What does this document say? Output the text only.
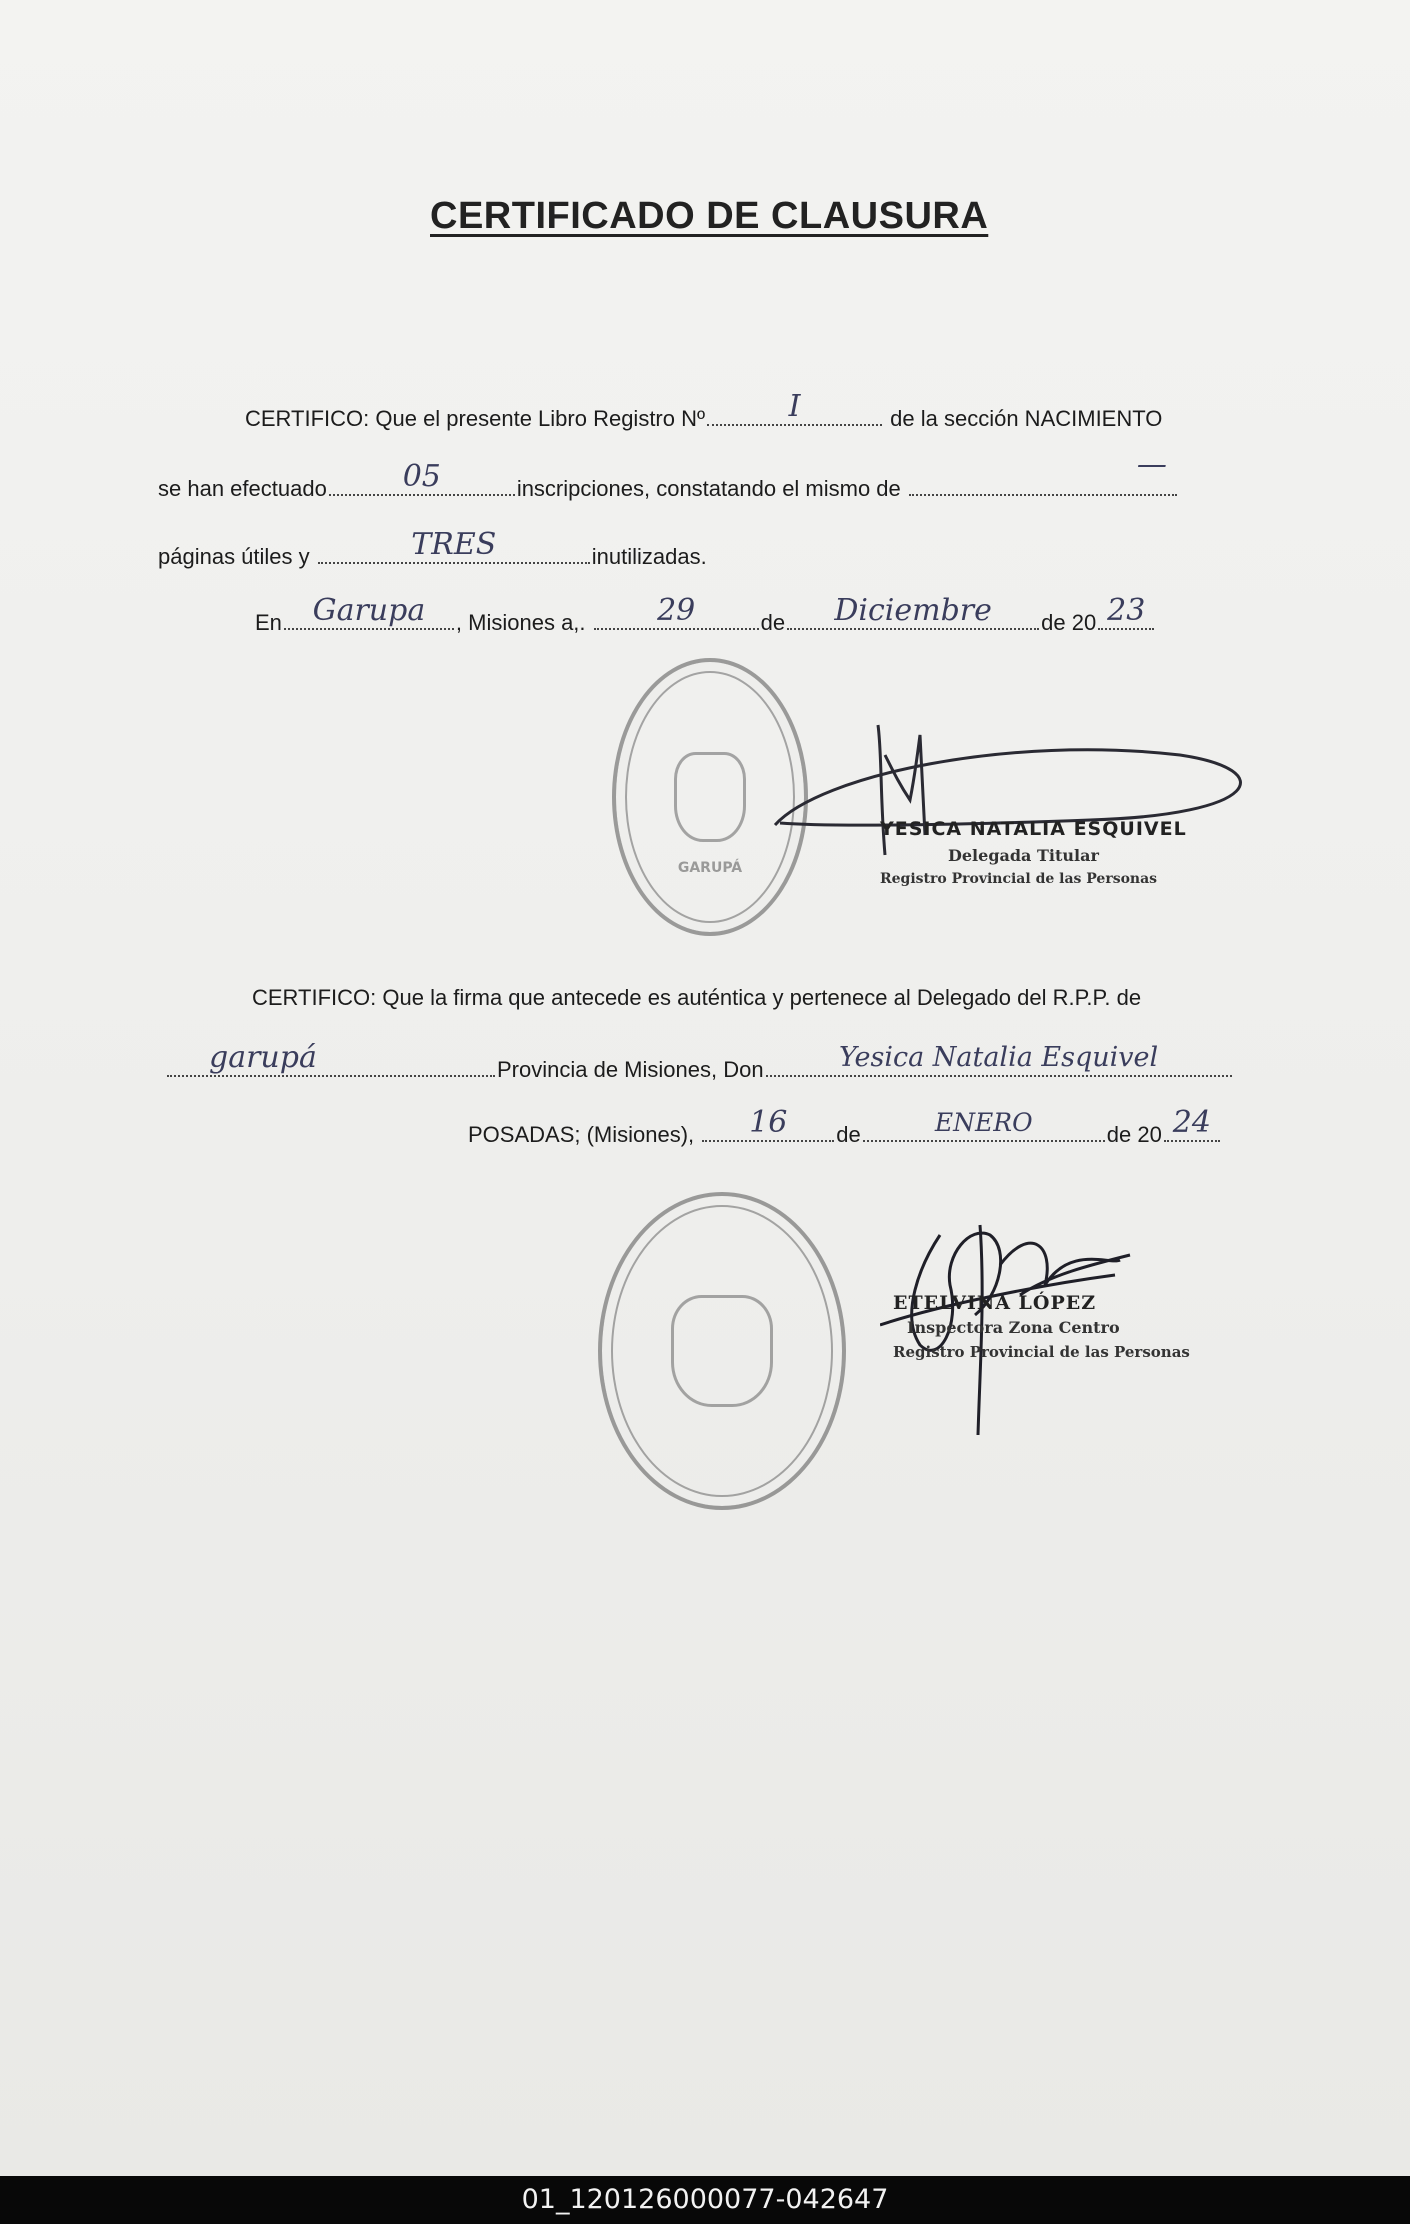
CERTIFICADO DE CLAUSURA
CERTIFICO: Que el presente Libro Registro Nº	I	de la sección NACIMIENTO
se han efectuado	05	inscripciones, constatando el mismo de
—
páginas útiles y	TRES	inutilizadas.
En	Garupa	, Misiones a,.	29	de	Diciembre	de 20 23
GARUPÁ
YESICA NATALIA ESQUIVEL
Delegada Titular
Registro Provincial de las Personas
CERTIFICO: Que la firma que antecede es auténtica y pertenece al Delegado del R.P.P. de
garupá	Provincia de Misiones, Don	Yesica Natalia Esquivel
POSADAS; (Misiones),	16	de	ENERO	de 20 24
ETELVINA LÓPEZ
Inspectora Zona Centro
Registro Provincial de las Personas
01_120126000077-042647
